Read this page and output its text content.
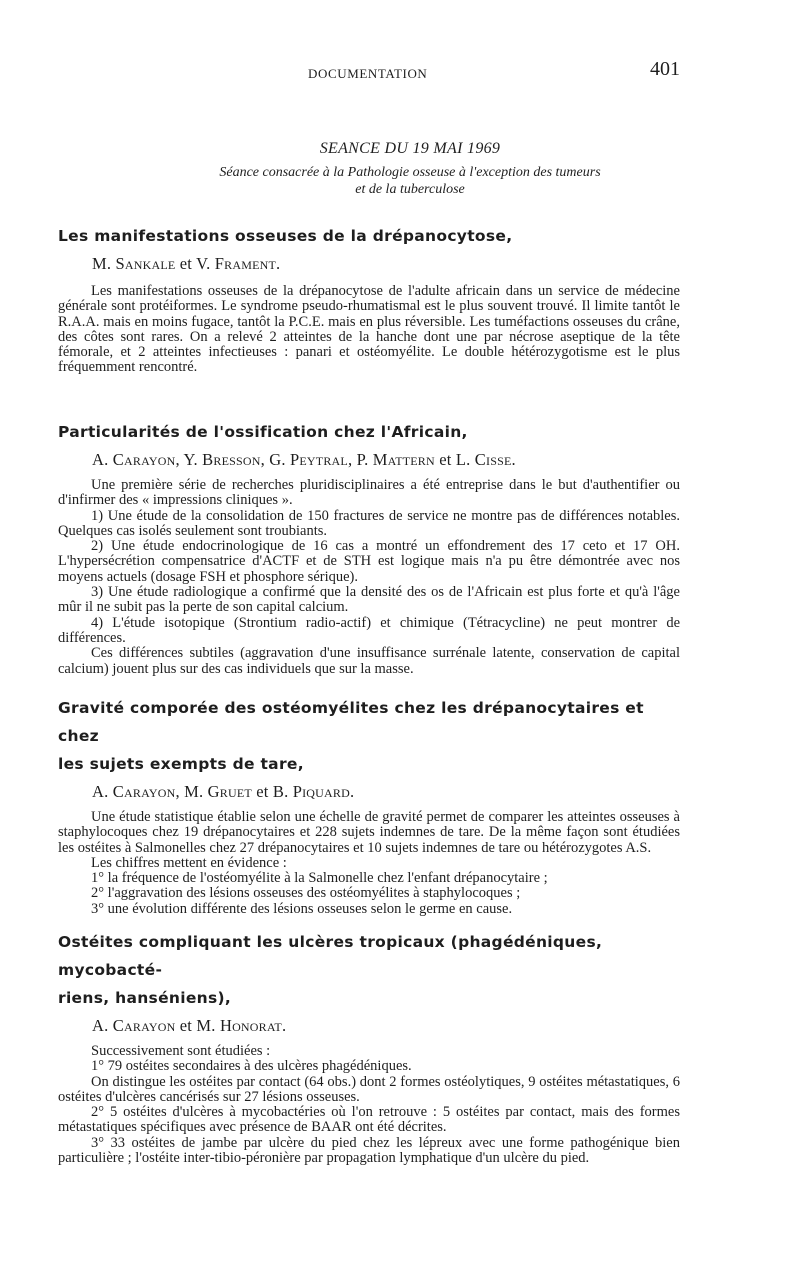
DOCUMENTATION	401
SEANCE DU 19 MAI 1969
Séance consacrée à la Pathologie osseuse à l'exception des tumeurs
et de la tuberculose
Les manifestations osseuses de la drépanocytose,
M. Sankale et V. Frament.

Les manifestations osseuses de la drépanocytose de l'adulte africain dans un service de médecine générale sont protéiformes. Le syndrome pseudo-rhumatismal est le plus souvent trouvé. Il limite tantôt le R.A.A. mais en moins fugace, tantôt la P.C.E. mais en plus réversible. Les tuméfactions osseuses du crâne, des côtes sont rares. On a relevé 2 atteintes de la hanche dont une par nécrose aseptique de la tête fémorale, et 2 atteintes infectieuses : panari et ostéomyélite. Le double hétérozygotisme est le plus fréquemment rencontré.

Particularités de l'ossification chez l'Africain,
A. Carayon, Y. Bresson, G. Peytral, P. Mattern et L. Cisse.

Une première série de recherches pluridisciplinaires a été entreprise dans le but d'authentifier ou d'infirmer des « impressions cliniques ».

1) Une étude de la consolidation de 150 fractures de service ne montre pas de différences notables. Quelques cas isolés seulement sont troubiants.

2) Une étude endocrinologique de 16 cas a montré un effondrement des 17 ceto et 17 OH. L'hypersécrétion compensatrice d'ACTF et de STH est logique mais n'a pu être démontrée avec nos moyens actuels (dosage FSH et phosphore sérique).

3) Une étude radiologique a confirmé que la densité des os de l'Africain est plus forte et qu'à l'âge mûr il ne subit pas la perte de son capital calcium.

4) L'étude isotopique (Strontium radio-actif) et chimique (Tétracycline) ne peut montrer de différences.

Ces différences subtiles (aggravation d'une insuffisance surrénale latente, conservation de capital calcium) jouent plus sur des cas individuels que sur la masse.

Gravité comporée des ostéomyélites chez les drépanocytaires et chez
les sujets exempts de tare,
A. Carayon, M. Gruet et B. Piquard.

Une étude statistique établie selon une échelle de gravité permet de comparer les atteintes osseuses à staphylocoques chez 19 drépanocytaires et 228 sujets indemnes de tare. De la même façon sont étudiées les ostéites à Salmonelles chez 27 drépanocytaires et 10 sujets indemnes de tare ou hétérozygotes A.S.

Les chiffres mettent en évidence :

1° la fréquence de l'ostéomyélite à la Salmonelle chez l'enfant drépanocytaire ;

2° l'aggravation des lésions osseuses des ostéomyélites à staphylocoques ;

3° une évolution différente des lésions osseuses selon le germe en cause.

Ostéites compliquant les ulcères tropicaux (phagédéniques, mycobacté-
riens, hanséniens),
A. Carayon et M. Honorat.

Successivement sont étudiées :

1° 79 ostéites secondaires à des ulcères phagédéniques.

On distingue les ostéites par contact (64 obs.) dont 2 formes ostéolytiques, 9 ostéites métastatiques, 6 ostéites d'ulcères cancérisés sur 27 lésions osseuses.

2° 5 ostéites d'ulcères à mycobactéries où l'on retrouve : 5 ostéites par contact, mais des formes métastatiques spécifiques avec présence de BAAR ont été décrites.

3° 33 ostéites de jambe par ulcère du pied chez les lépreux avec une forme pathogénique bien particulière ; l'ostéite inter-tibio-péronière par propagation lymphatique d'un ulcère du pied.
